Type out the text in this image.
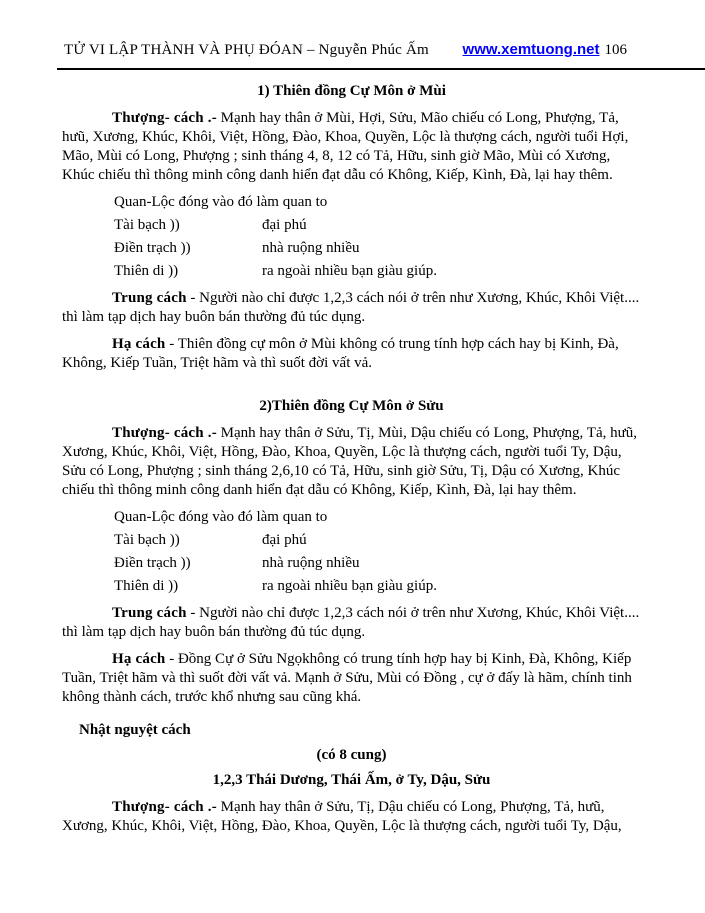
TỬ VI LẬP THÀNH VÀ PHỤ ĐÓAN – Nguyễn Phúc Ấm www.xemtuong.net 106
1) Thiên đồng Cự Môn ở Mùi

Thượng- cách .- Mạnh hay thân ở Mùi, Hợi, Sửu, Mão chiếu có Long, Phượng, Tả, hưũ, Xương, Khúc, Khôi, Việt, Hồng, Đào, Khoa, Quyền, Lộc là thượng cách, người tuổi Hợi, Mão, Mùi có Long, Phượng ; sinh tháng 4, 8, 12 có Tả, Hữu, sinh giờ Mão, Mùi có Xương, Khúc chiếu thì thông minh công danh hiển đạt dẫu có Không, Kiếp, Kình, Đà, lại hay thêm.

Quan-Lộc đóng vào đó làm quan to
Tài bạch ))	đại phú
Điền trạch ))	nhà ruộng nhiều
Thiên di ))	ra ngoài nhiều bạn giàu giúp.

Trung cách - Người nào chỉ được 1,2,3 cách nói ở trên như Xương, Khúc, Khôi Việt.... thì làm tạp dịch hay buôn bán thường đủ túc dụng.

Hạ cách - Thiên đồng cự môn ở Mùi không có trung tính hợp cách hay bị Kinh, Đà, Không, Kiếp Tuần, Triệt hãm và thì suốt đời vất vả.

2)Thiên đồng Cự Môn ở Sửu

Thượng- cách .- Mạnh hay thân ở Sửu, Tị, Mùi, Dậu chiếu có Long, Phượng, Tả, hưũ, Xương, Khúc, Khôi, Việt, Hồng, Đào, Khoa, Quyền, Lộc là thượng cách, người tuổi Ty, Dậu, Sửu có Long, Phượng ; sinh tháng 2,6,10 có Tả, Hữu, sinh giờ Sửu, Tị, Dậu có Xương, Khúc chiếu thì thông minh công danh hiển đạt dẫu có Không, Kiếp, Kình, Đà, lại hay thêm.

Quan-Lộc đóng vào đó làm quan to
Tài bạch ))	đại phú
Điền trạch ))	nhà ruộng nhiều
Thiên di ))	ra ngoài nhiều bạn giàu giúp.

Trung cách - Người nào chỉ được 1,2,3 cách nói ở trên như Xương, Khúc, Khôi Việt.... thì làm tạp dịch hay buôn bán thường đủ túc dụng.

Hạ cách - Đồng Cự ở Sửu Ngọkhông có trung tính hợp hay bị Kinh, Đà, Không, Kiếp Tuần, Triệt hãm và thì suốt đời vất vả. Mạnh ở Sửu, Mùi có Đồng , cự ở đấy là hãm, chính tinh không thành cách, trước khổ nhưng sau cũng khá.

Nhật nguyệt cách
(có 8 cung)
1,2,3 Thái Dương, Thái Ấm, ở Ty, Dậu, Sửu

Thượng- cách .- Mạnh hay thân ở Sửu, Tị, Dậu chiếu có Long, Phượng, Tả, hưũ, Xương, Khúc, Khôi, Việt, Hồng, Đào, Khoa, Quyền, Lộc là thượng cách, người tuổi Ty, Dậu,
